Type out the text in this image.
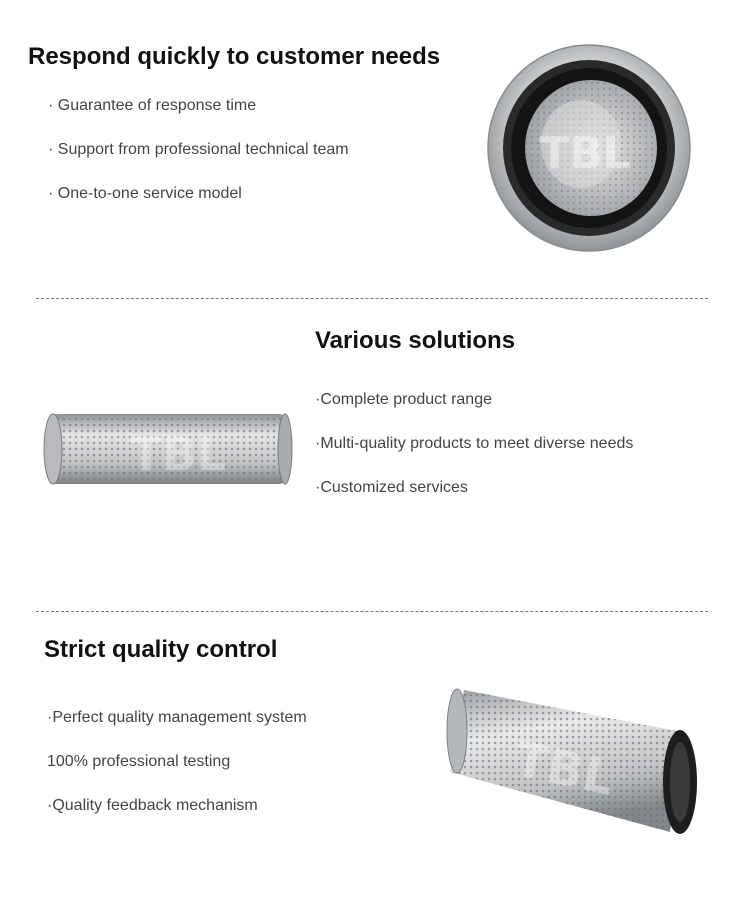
Respond quickly to customer needs
· Guarantee of response time
· Support from professional technical team
· One-to-one service model
TBL
Various solutions
·Complete product range
·Multi-quality products to meet diverse needs
·Customized services
TBL
Strict quality control
·Perfect quality management system
100% professional testing
·Quality feedback mechanism	TBL
